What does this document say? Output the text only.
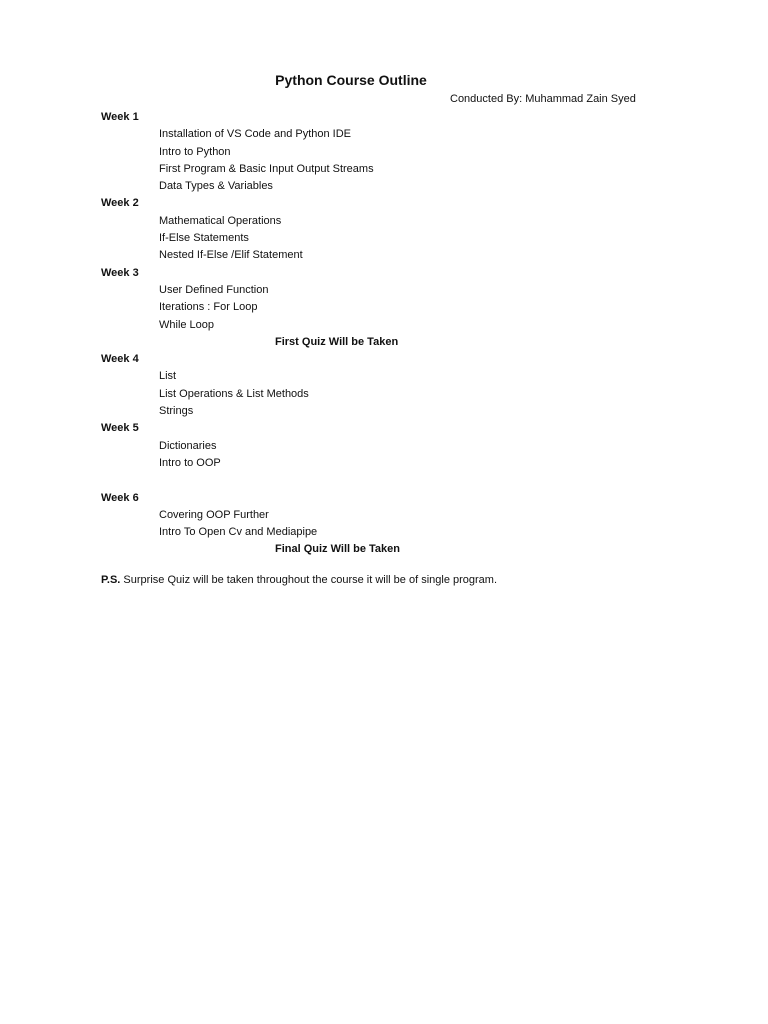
Python Course Outline
Conducted By: Muhammad Zain Syed
Week 1
Installation of VS Code and Python IDE
Intro to Python
First Program & Basic Input Output Streams
Data Types & Variables
Week 2
Mathematical Operations
If-Else Statements
Nested If-Else /Elif Statement
Week 3
User Defined Function
Iterations : For Loop
While Loop
First Quiz Will be Taken
Week 4
List
List Operations & List Methods
Strings
Week 5
Dictionaries
Intro to OOP
Week 6
Covering OOP Further
Intro To Open Cv and Mediapipe
Final Quiz Will be Taken
P.S. Surprise Quiz will be taken throughout the course it will be of single program.
